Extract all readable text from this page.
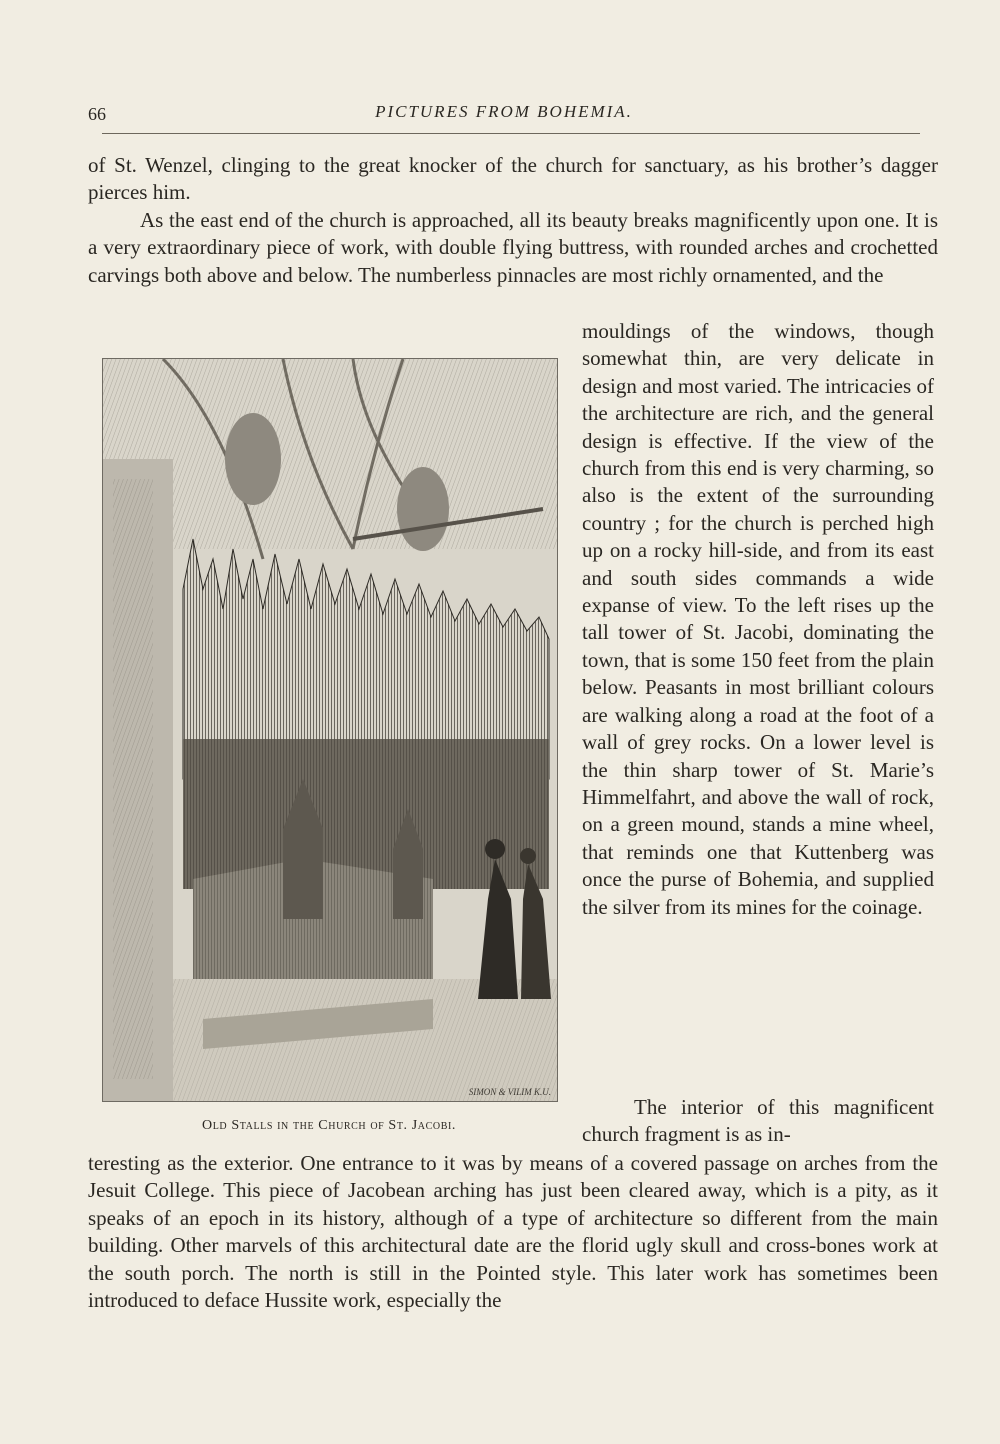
66	PICTURES FROM BOHEMIA.

of St. Wenzel, clinging to the great knocker of the church for sanctuary, as his brother’s dagger pierces him.

As the east end of the church is approached, all its beauty breaks magnificently upon one. It is a very extraordinary piece of work, with double flying buttress, with rounded arches and crochetted carvings both above and below. The numberless pinnacles are most richly ornamented, and the

mouldings of the windows, though somewhat thin, are very delicate in design and most varied. The intricacies of the architecture are rich, and the general design is effective. If the view of the church from this end is very charming, so also is the extent of the surrounding country ; for the church is perched high up on a rocky hill-side, and from its east and south sides commands a wide expanse of view. To the left rises up the tall tower of St. Jacobi, dominating the town, that is some 150 feet from the plain below. Peasants in most brilliant colours are walking along a road at the foot of a wall of grey rocks. On a lower level is the thin sharp tower of St. Marie’s Himmelfahrt, and above the wall of rock, on a green mound, stands a mine wheel, that reminds one that Kuttenberg was once the purse of Bohemia, and supplied the silver from its mines for the coinage.

The interior of this magnificent church fragment is as in-

teresting as the exterior. One entrance to it was by means of a covered passage on arches from the Jesuit College. This piece of Jacobean arching has just been cleared away, which is a pity, as it speaks of an epoch in its history, although of a type of architecture so different from the main building. Other marvels of this architectural date are the florid ugly skull and cross-bones work at the south porch. The north is still in the Pointed style. This later work has sometimes been introduced to deface Hussite work, especially the

SIMON & VILIM K.U.
Old Stalls in the Church of St. Jacobi.
